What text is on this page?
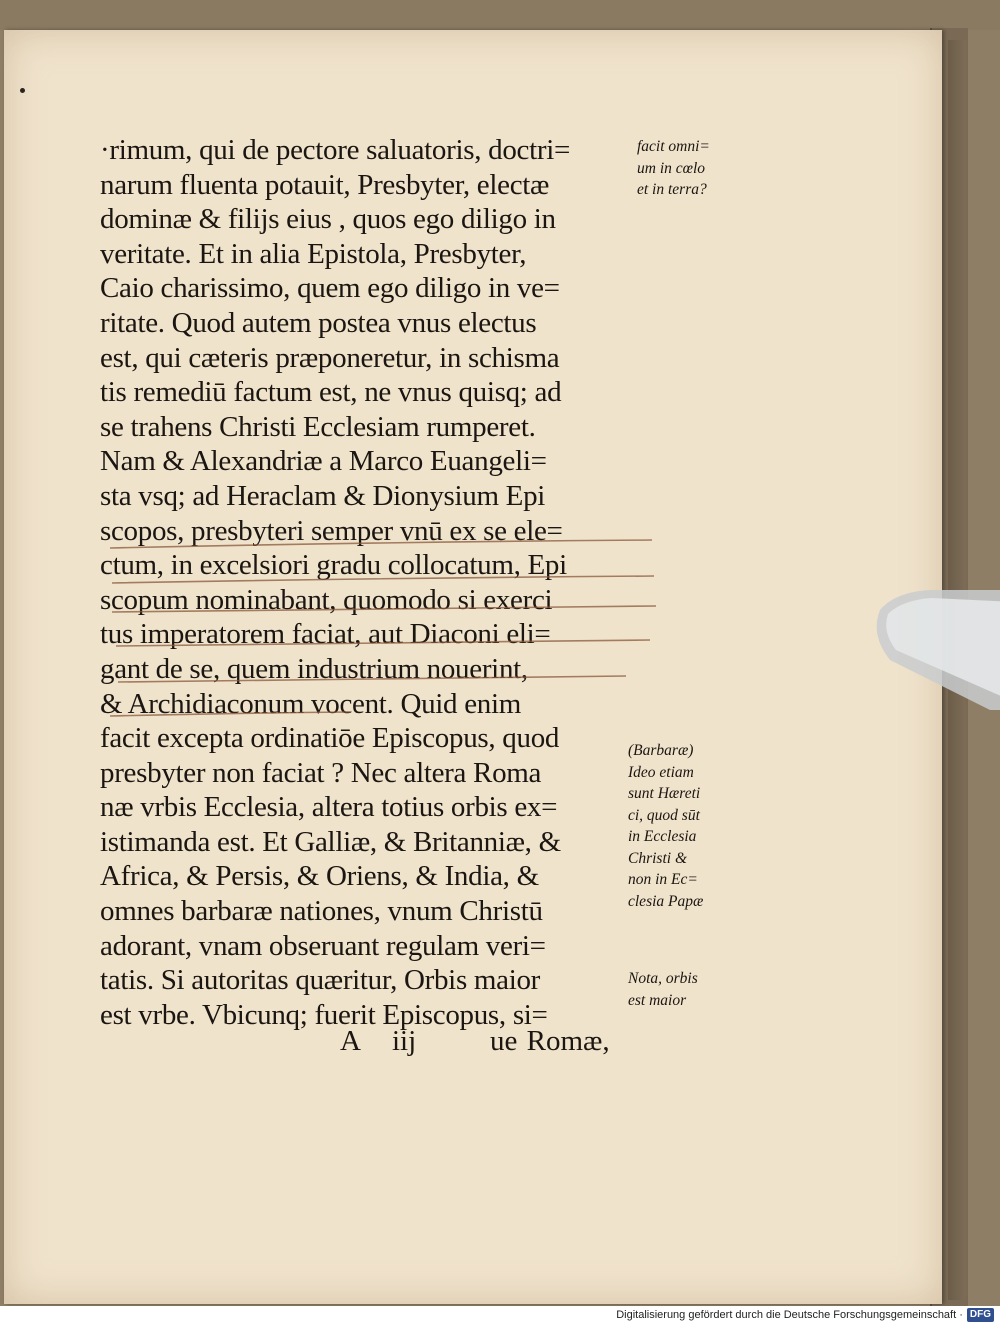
·rimum, qui de pectore saluatoris, doctri=
narum fluenta potauit, Presbyter, electæ
dominæ & filijs eius , quos ego diligo in
veritate. Et in alia Epistola, Presbyter,
Caio charissimo, quem ego diligo in ve=
ritate. Quod autem postea vnus electus
est, qui cæteris præponeretur, in schisma
tis remediū factum est, ne vnus quisq; ad
se trahens Christi Ecclesiam rumperet.
Nam & Alexandriæ a Marco Euangeli=
sta vsq; ad Heraclam & Dionysium Epi
scopos, presbyteri semper vnū ex se ele=
ctum, in excelsiori gradu collocatum, Epi
scopum nominabant, quomodo si exerci
tus imperatorem faciat, aut Diaconi eli=
gant de se, quem industrium nouerint,
& Archidiaconum vocent. Quid enim
facit excepta ordinatiōe Episcopus, quod
presbyter non faciat ? Nec altera Roma
næ vrbis Ecclesia, altera totius orbis ex=
istimanda est. Et Galliæ, & Britanniæ, &
Africa, & Persis, & Oriens, & India, &
omnes barbaræ nationes, vnum Christū
adorant, vnam obseruant regulam veri=
tatis. Si autoritas quæritur, Orbis maior
est vrbe. Vbicunq; fuerit Episcopus, si=
facit omni=
um in cœlo
et in terra?
(Barbaræ)
Ideo etiam
sunt Hæreti
ci, quod sūt
in Ecclesia
Christi &
non in Ec=
clesia Papæ
Nota, orbis
est maior
A iij	ue Romæ,
Digitalisierung gefördert durch die Deutsche Forschungsgemeinschaft · DFG
